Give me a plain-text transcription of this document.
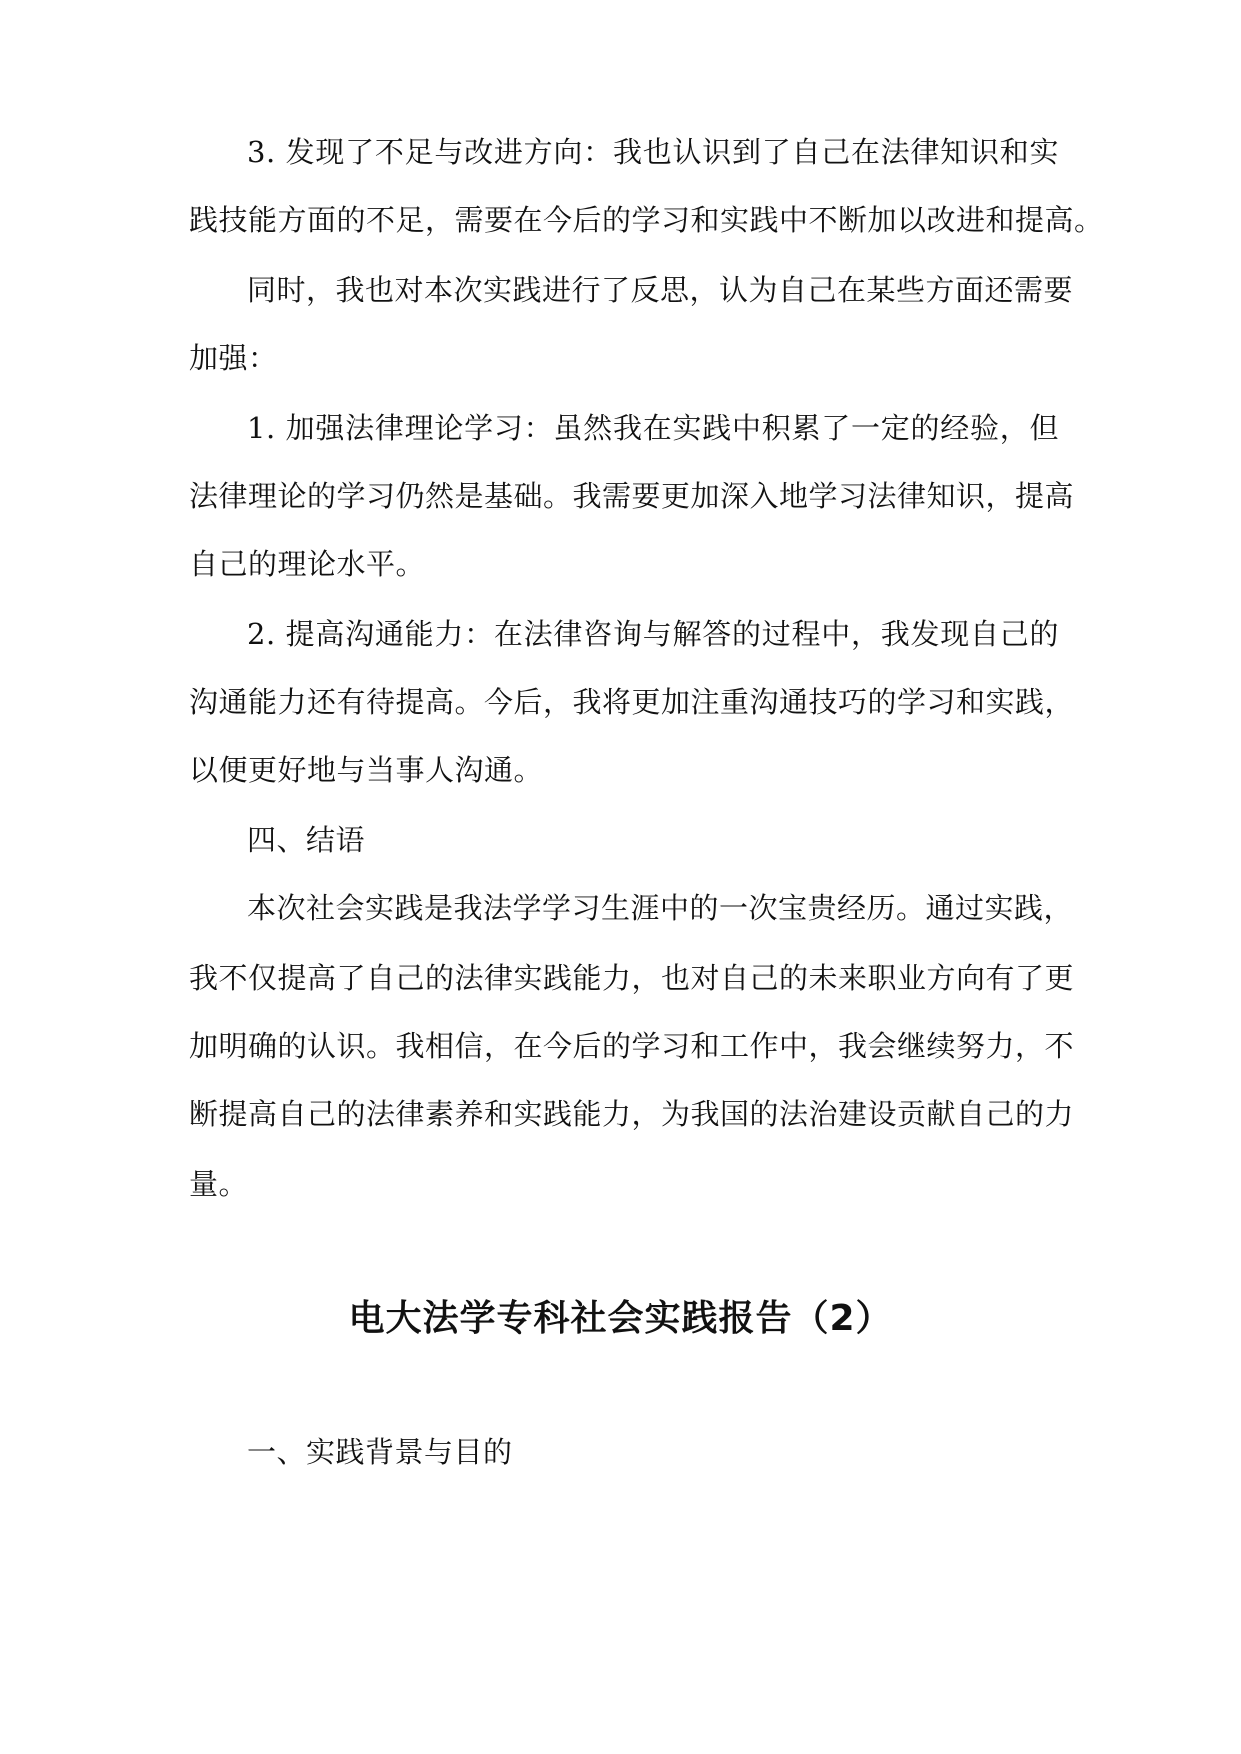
3. 发现了不足与改进方向：我也认识到了自己在法律知识和实
践技能方面的不足，需要在今后的学习和实践中不断加以改进和提高。
同时，我也对本次实践进行了反思，认为自己在某些方面还需要
加强：
1. 加强法律理论学习：虽然我在实践中积累了一定的经验，但
法律理论的学习仍然是基础。我需要更加深入地学习法律知识，提高
自己的理论水平。
2. 提高沟通能力：在法律咨询与解答的过程中，我发现自己的
沟通能力还有待提高。今后，我将更加注重沟通技巧的学习和实践，
以便更好地与当事人沟通。
四、结语
本次社会实践是我法学学习生涯中的一次宝贵经历。通过实践，
我不仅提高了自己的法律实践能力，也对自己的未来职业方向有了更
加明确的认识。我相信，在今后的学习和工作中，我会继续努力，不
断提高自己的法律素养和实践能力，为我国的法治建设贡献自己的力
量。
电大法学专科社会实践报告（2）
一、实践背景与目的
